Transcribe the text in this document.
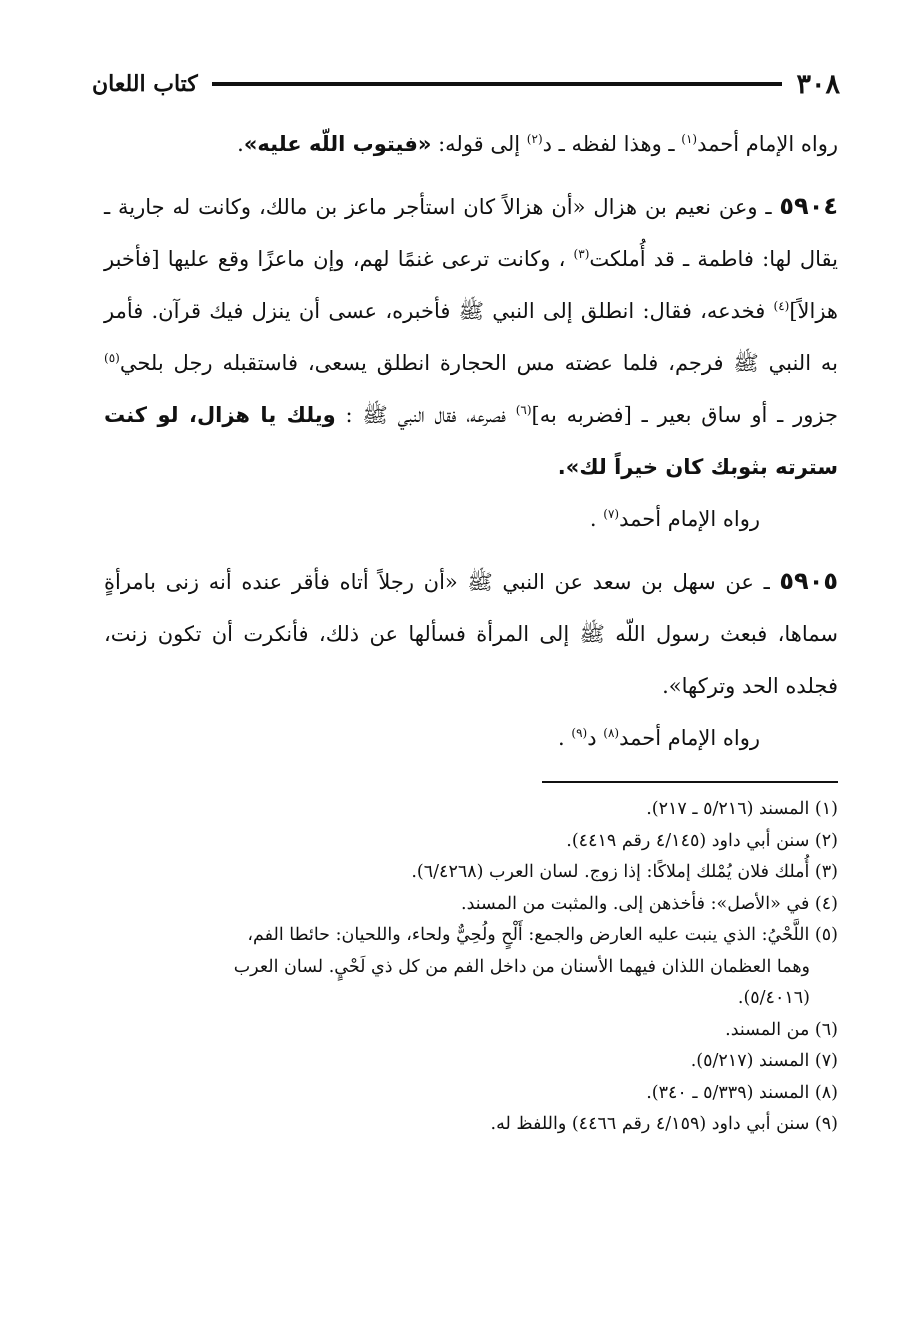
٣٠٨
كتاب اللعان

رواه الإمام أحمد$^{(١)}$ ـ وهذا لفظه ـ د$^{(٢)}$ إلى قوله: «فيتوب اللّه عليه».

٥٩٠٤ ـ وعن نعيم بن هزال «أن هزالاً كان استأجر ماعز بن مالك، وكانت له جارية ـ يقال لها: فاطمة ـ قد أُملكت$^{(٣)}$ ، وكانت ترعى غنمًا لهم، وإن ماعزًا وقع عليها [فأخبر هزالاً]$^{(٤)}$ فخدعه، فقال: انطلق إلى النبي ﷺ فأخبره، عسى أن ينزل فيك قرآن. فأمر به النبي ﷺ فرجم، فلما عضته مس الحجارة انطلق يسعى، فاستقبله رجل بلحي$^{(٥)}$ جزور ـ أو ساق بعير ـ [فضربه به]$^{(٦)}$ فصرعه، فقال النبي ﷺ : ويلك يا هزال، لو كنت سترته بثوبك كان خيراً لك».

رواه الإمام أحمد$^{(٧)}$ .

٥٩٠٥ ـ عن سهل بن سعد عن النبي ﷺ «أن رجلاً أتاه فأقر عنده أنه زنى بامرأةٍ سماها، فبعث رسول اللّه ﷺ إلى المرأة فسألها عن ذلك، فأنكرت أن تكون زنت، فجلده الحد وتركها».

رواه الإمام أحمد$^{(٨)}$ د$^{(٩)}$ .

(١) المسند (٥/٢١٦ ـ ٢١٧).

(٢) سنن أبي داود (٤/١٤٥ رقم ٤٤١٩).

(٣) أُملك فلان يُمْلك إملاكًا: إذا زوج. لسان العرب (٦/٤٢٦٨).

(٤) في «الأصل»: فأخذهن إلى. والمثبت من المسند.

(٥) اللَّحْيُ: الذي ينبت عليه العارض والجمع: أَلْحٍ ولُحِيٌّ ولحاء، واللحيان: حائطا الفم،

وهما العظمان اللذان فيهما الأسنان من داخل الفم من كل ذي لَحْيٍ. لسان العرب

(٥/٤٠١٦).

(٦) من المسند.

(٧) المسند (٥/٢١٧).

(٨) المسند (٥/٣٣٩ ـ ٣٤٠).

(٩) سنن أبي داود (٤/١٥٩ رقم ٤٤٦٦) واللفظ له.
